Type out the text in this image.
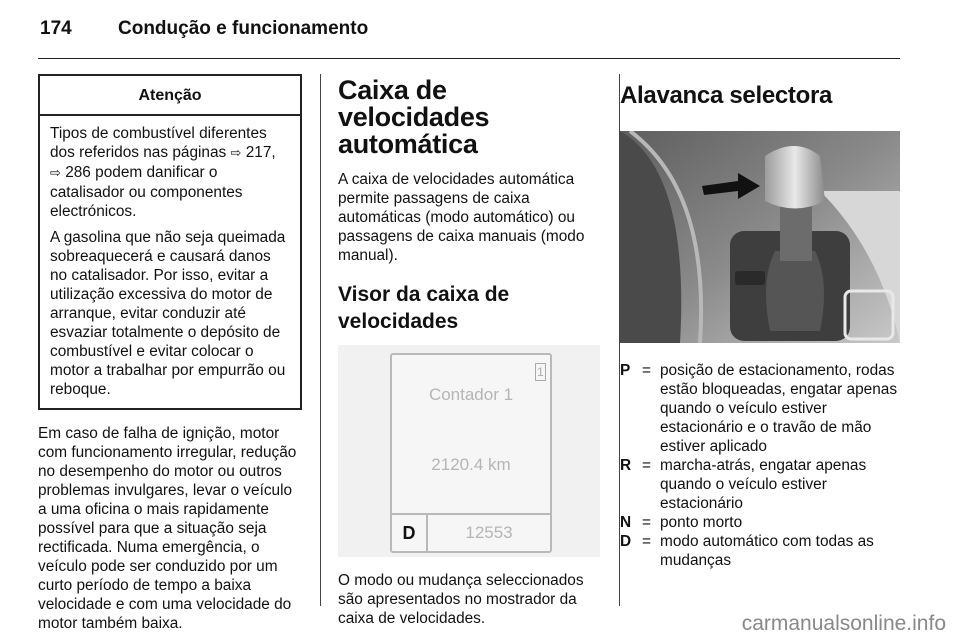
174 Condução e funcionamento
Atenção

Tipos de combustível diferentes dos referidos nas páginas ⇨ 217,
⇨ 286 podem danificar o catalisador ou componentes electrónicos.

A gasolina que não seja queimada sobreaquecerá e causará danos no catalisador. Por isso, evitar a utilização excessiva do motor de arranque, evitar conduzir até esvaziar totalmente o depósito de combustível e evitar colocar o motor a trabalhar por empurrão ou reboque.

Em caso de falha de ignição, motor com funcionamento irregular, redução no desempenho do motor ou outros problemas invulgares, levar o veículo a uma oficina o mais rapidamente possível para que a situação seja rectificada. Numa emergência, o veículo pode ser conduzido por um curto período de tempo a baixa velocidade e com uma velocidade do motor também baixa.

Caixa de velocidades automática

A caixa de velocidades automática permite passagens de caixa automáticas (modo automático) ou passagens de caixa manuais (modo manual).

Visor da caixa de velocidades
1
Contador 1
2120.4 km
D	12553

O modo ou mudança seleccionados são apresentados no mostrador da caixa de velocidades.

Alavanca selectora
P = posição de estacionamento, rodas estão bloqueadas, engatar apenas quando o veículo estiver estacionário e o travão de mão estiver aplicado
R = marcha-atrás, engatar apenas quando o veículo estiver estacionário
N = ponto morto
D = modo automático com todas as mudanças
carmanualsonline.info
